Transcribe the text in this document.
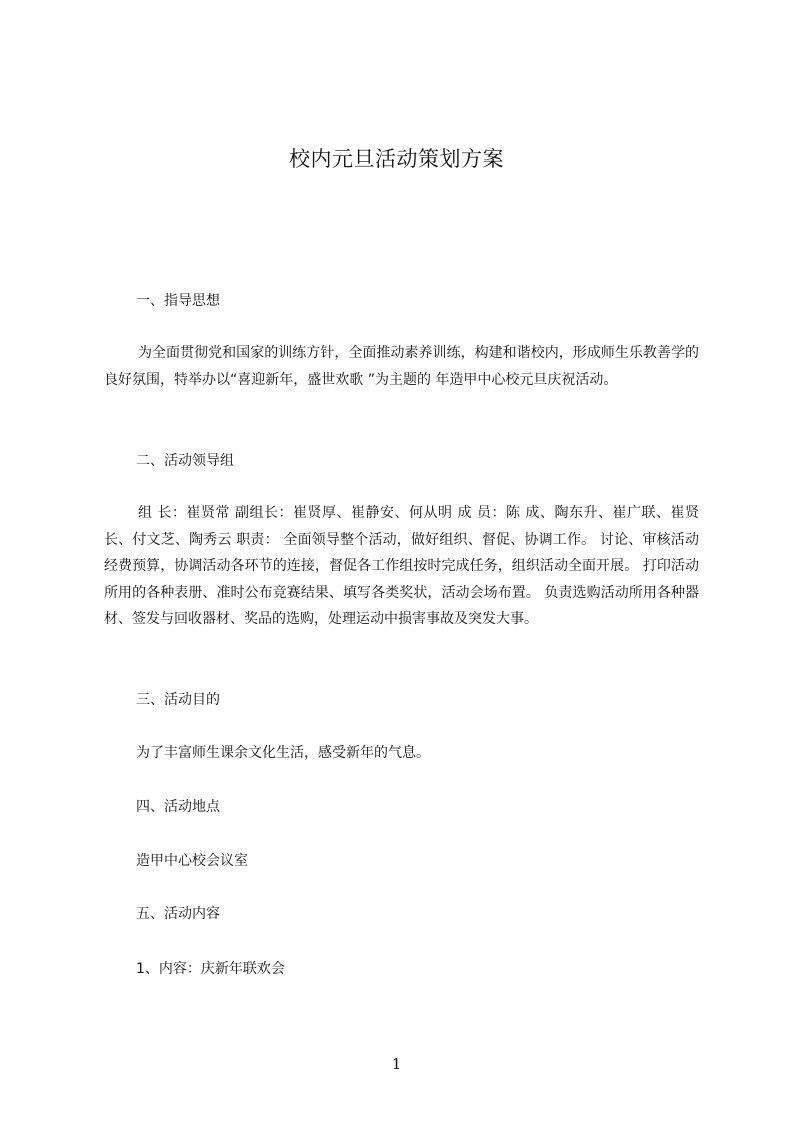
校内元旦活动策划方案
一、指导思想
为全面贯彻党和国家的训练方针，全面推动素养训练，构建和谐校内，形成师生乐教善学的良好氛围，特举办以“喜迎新年，盛世欢歌 ”为主题的 年造甲中心校元旦庆祝活动。
二、活动领导组
组 长：崔贤常 副组长：崔贤厚、崔静安、何从明 成 员：陈 成、陶东升、崔广联、崔贤长、付文芝、陶秀云 职责： 全面领导整个活动，做好组织、督促、协调工作。 讨论、审核活动经费预算，协调活动各环节的连接，督促各工作组按时完成任务，组织活动全面开展。 打印活动所用的各种表册、准时公布竞赛结果、填写各类奖状，活动会场布置。 负责选购活动所用各种器材、签发与回收器材、奖品的选购，处理运动中损害事故及突发大事。
三、活动目的
为了丰富师生课余文化生活，感受新年的气息。
四、活动地点
造甲中心校会议室
五、活动内容
1、内容：庆新年联欢会
1
